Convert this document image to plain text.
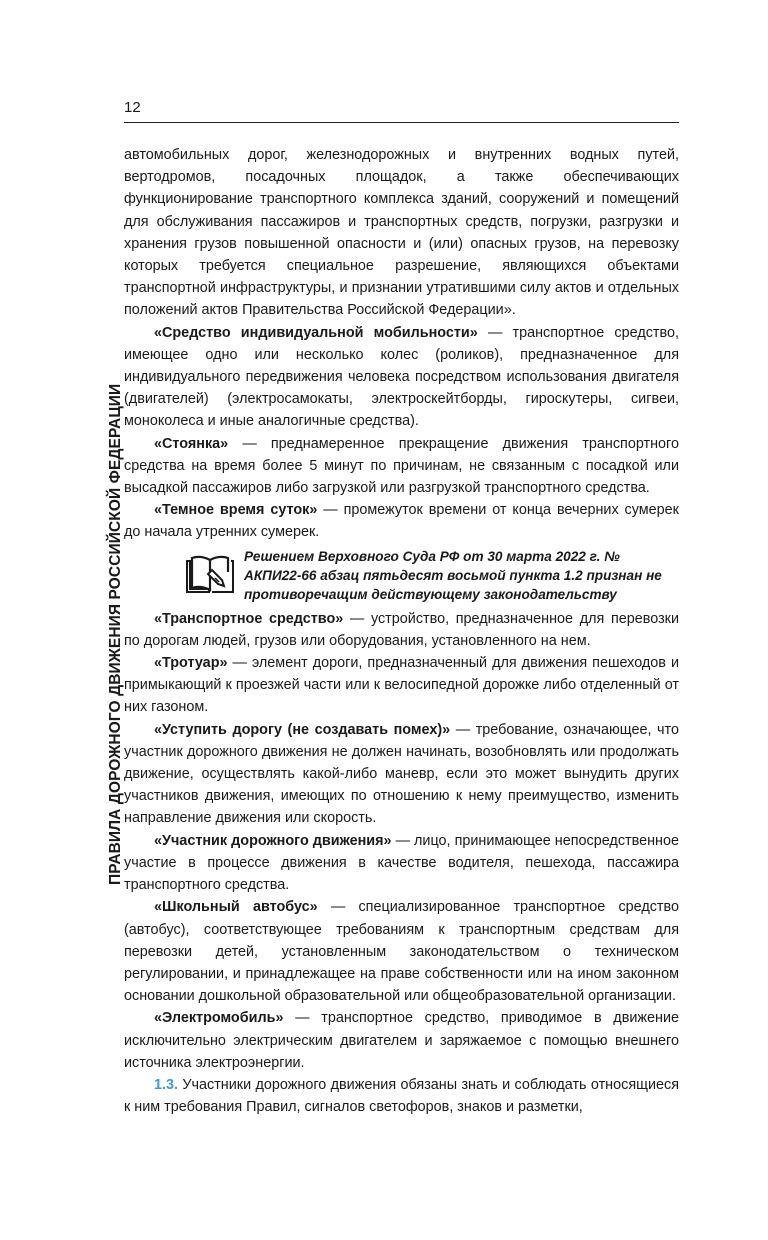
12
ПРАВИЛА ДОРОЖНОГО ДВИЖЕНИЯ РОССИЙСКОЙ ФЕДЕРАЦИИ

автомобильных дорог, железнодорожных и внутренних водных путей, вертодромов, посадочных площадок, а также обеспечивающих функционирование транспортного комплекса зданий, сооружений и помещений для обслуживания пассажиров и транспортных средств, погрузки, разгрузки и хранения грузов повышенной опасности и (или) опасных грузов, на перевозку которых требуется специальное разрешение, являющихся объектами транспортной инфраструктуры, и признании утратившими силу актов и отдельных положений актов Правительства Российской Федерации».

«Средство индивидуальной мобильности» — транспортное средство, имеющее одно или несколько колес (роликов), предназначенное для индивидуального передвижения человека посредством использования двигателя (двигателей) (электросамокаты, электроскейтборды, гироскутеры, сигвеи, моноколеса и иные аналогичные средства).

«Стоянка» — преднамеренное прекращение движения транспортного средства на время более 5 минут по причинам, не связанным с посадкой или высадкой пассажиров либо загрузкой или разгрузкой транспортного средства.

«Темное время суток» — промежуток времени от конца вечерних сумерек до начала утренних сумерек.

Решением Верховного Суда РФ от 30 марта 2022 г. № АКПИ22-66 абзац пятьдесят восьмой пункта 1.2 признан не противоречащим действующему законодательству

«Транспортное средство» — устройство, предназначенное для перевозки по дорогам людей, грузов или оборудования, установленного на нем.

«Тротуар» — элемент дороги, предназначенный для движения пешеходов и примыкающий к проезжей части или к велосипедной дорожке либо отделенный от них газоном.

«Уступить дорогу (не создавать помех)» — требование, означающее, что участник дорожного движения не должен начинать, возобновлять или продолжать движение, осуществлять какой-либо маневр, если это может вынудить других участников движения, имеющих по отношению к нему преимущество, изменить направление движения или скорость.

«Участник дорожного движения» — лицо, принимающее непосредственное участие в процессе движения в качестве водителя, пешехода, пассажира транспортного средства.

«Школьный автобус» — специализированное транспортное средство (автобус), соответствующее требованиям к транспортным средствам для перевозки детей, установленным законодательством о техническом регулировании, и принадлежащее на праве собственности или на ином законном основании дошкольной образовательной или общеобразовательной организации.

«Электромобиль» — транспортное средство, приводимое в движение исключительно электрическим двигателем и заряжаемое с помощью внешнего источника электроэнергии.

1.3. Участники дорожного движения обязаны знать и соблюдать относящиеся к ним требования Правил, сигналов светофоров, знаков и разметки,
